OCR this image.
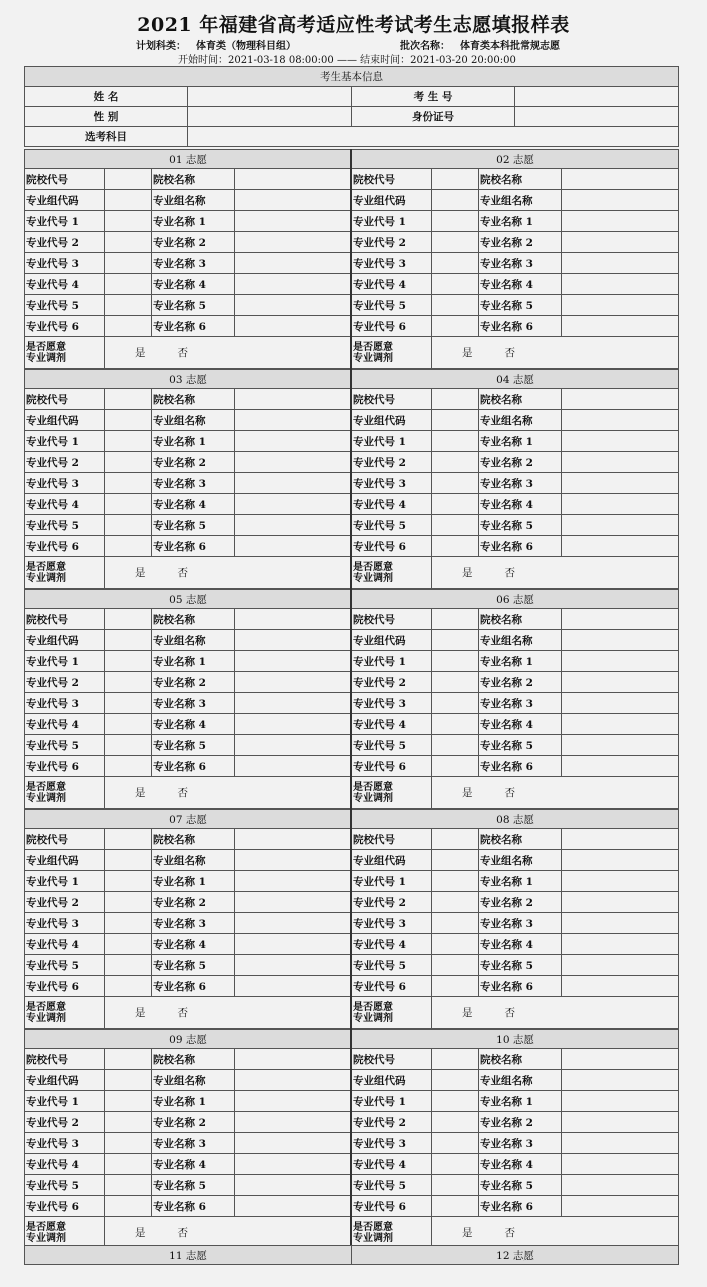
2021 年福建省高考适应性考试考生志愿填报样表
计划科类： 体育类（物理科目组）	批次名称： 体育类本科批常规志愿
开始时间：2021-03-18 08:00:00 —— 结束时间：2021-03-20 20:00:00
考生基本信息			
姓 名		考 生 号	
性 别		身份证号	
选考科目			
01 志愿			
院校代号		院校名称	
专业组代码		专业组名称	
专业代号 1		专业名称 1	
专业代号 2		专业名称 2	
专业代号 3		专业名称 3	
专业代号 4		专业名称 4	
专业代号 5		专业名称 5	
专业代号 6		专业名称 6	

是否愿意
专业调剂	是 否		
03 志愿			
院校代号		院校名称	
专业组代码		专业组名称	
专业代号 1		专业名称 1	
专业代号 2		专业名称 2	
专业代号 3		专业名称 3	
专业代号 4		专业名称 4	
专业代号 5		专业名称 5	
专业代号 6		专业名称 6	

是否愿意
专业调剂	是 否		
05 志愿			
院校代号		院校名称	
专业组代码		专业组名称	
专业代号 1		专业名称 1	
专业代号 2		专业名称 2	
专业代号 3		专业名称 3	
专业代号 4		专业名称 4	
专业代号 5		专业名称 5	
专业代号 6		专业名称 6	

是否愿意
专业调剂	是 否		
07 志愿			
院校代号		院校名称	
专业组代码		专业组名称	
专业代号 1		专业名称 1	
专业代号 2		专业名称 2	
专业代号 3		专业名称 3	
专业代号 4		专业名称 4	
专业代号 5		专业名称 5	
专业代号 6		专业名称 6	

是否愿意
专业调剂	是 否		
09 志愿			
院校代号		院校名称	
专业组代码		专业组名称	
专业代号 1		专业名称 1	
专业代号 2		专业名称 2	
专业代号 3		专业名称 3	
专业代号 4		专业名称 4	
专业代号 5		专业名称 5	
专业代号 6		专业名称 6	

是否愿意
专业调剂	是 否		
02 志愿			
院校代号		院校名称	
专业组代码		专业组名称	
专业代号 1		专业名称 1	
专业代号 2		专业名称 2	
专业代号 3		专业名称 3	
专业代号 4		专业名称 4	
专业代号 5		专业名称 5	
专业代号 6		专业名称 6	

是否愿意
专业调剂	是 否		
04 志愿			
院校代号		院校名称	
专业组代码		专业组名称	
专业代号 1		专业名称 1	
专业代号 2		专业名称 2	
专业代号 3		专业名称 3	
专业代号 4		专业名称 4	
专业代号 5		专业名称 5	
专业代号 6		专业名称 6	

是否愿意
专业调剂	是 否		
06 志愿			
院校代号		院校名称	
专业组代码		专业组名称	
专业代号 1		专业名称 1	
专业代号 2		专业名称 2	
专业代号 3		专业名称 3	
专业代号 4		专业名称 4	
专业代号 5		专业名称 5	
专业代号 6		专业名称 6	

是否愿意
专业调剂	是 否		
08 志愿			
院校代号		院校名称	
专业组代码		专业组名称	
专业代号 1		专业名称 1	
专业代号 2		专业名称 2	
专业代号 3		专业名称 3	
专业代号 4		专业名称 4	
专业代号 5		专业名称 5	
专业代号 6		专业名称 6	

是否愿意
专业调剂	是 否		
10 志愿			
院校代号		院校名称	
专业组代码		专业组名称	
专业代号 1		专业名称 1	
专业代号 2		专业名称 2	
专业代号 3		专业名称 3	
专业代号 4		专业名称 4	
专业代号 5		专业名称 5	
专业代号 6		专业名称 6	

是否愿意
专业调剂	是 否		
11 志愿	12 志愿
